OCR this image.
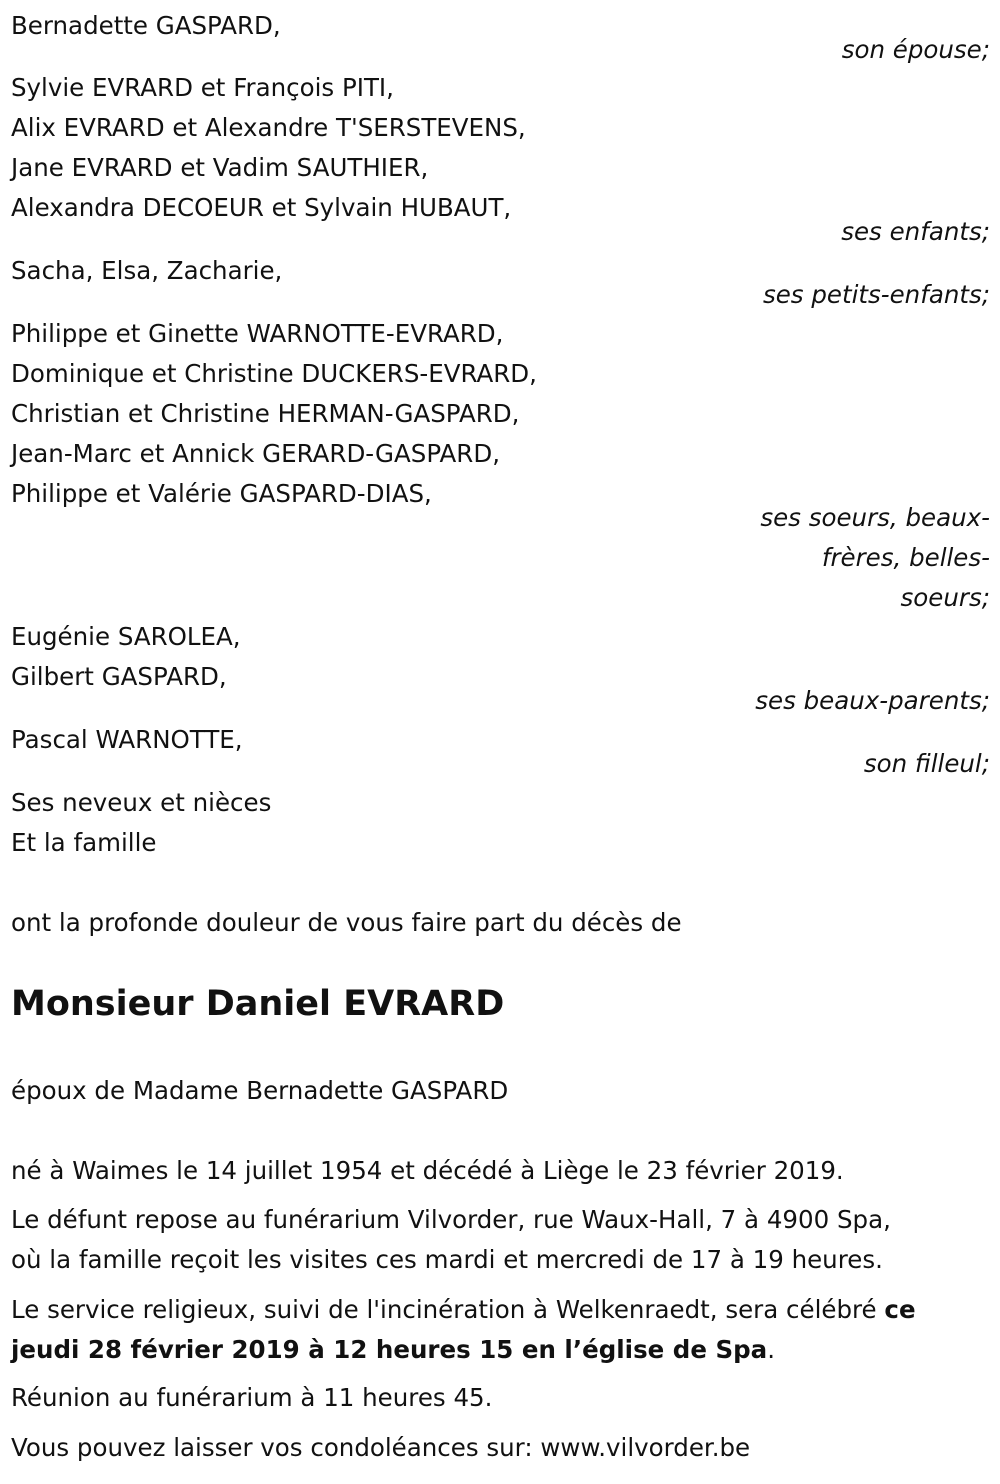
Bernadette GASPARD,
son épouse;
Sylvie EVRARD et François PITI,
Alix EVRARD et Alexandre T'SERSTEVENS,
Jane EVRARD et Vadim SAUTHIER,
Alexandra DECOEUR et Sylvain HUBAUT,
ses enfants;
Sacha, Elsa, Zacharie,
ses petits-enfants;
Philippe et Ginette WARNOTTE-EVRARD,
Dominique et Christine DUCKERS-EVRARD,
Christian et Christine HERMAN-GASPARD,
Jean-Marc et Annick GERARD-GASPARD,
Philippe et Valérie GASPARD-DIAS,
ses soeurs, beaux-
frères, belles-
soeurs;
Eugénie SAROLEA,
Gilbert GASPARD,
ses beaux-parents;
Pascal WARNOTTE,
son filleul;
Ses neveux et nièces
Et la famille
ont la profonde douleur de vous faire part du décès de
Monsieur Daniel EVRARD
époux de Madame Bernadette GASPARD
né à Waimes le 14 juillet 1954 et décédé à Liège le 23 février 2019.
Le défunt repose au funérarium Vilvorder, rue Waux-Hall, 7 à 4900 Spa,
où la famille reçoit les visites ces mardi et mercredi de 17 à 19 heures.
Le service religieux, suivi de l'incinération à Welkenraedt, sera célébré ce
jeudi 28 février 2019 à 12 heures 15 en l’église de Spa.
Réunion au funérarium à 11 heures 45.
Vous pouvez laisser vos condoléances sur: www.vilvorder.be
